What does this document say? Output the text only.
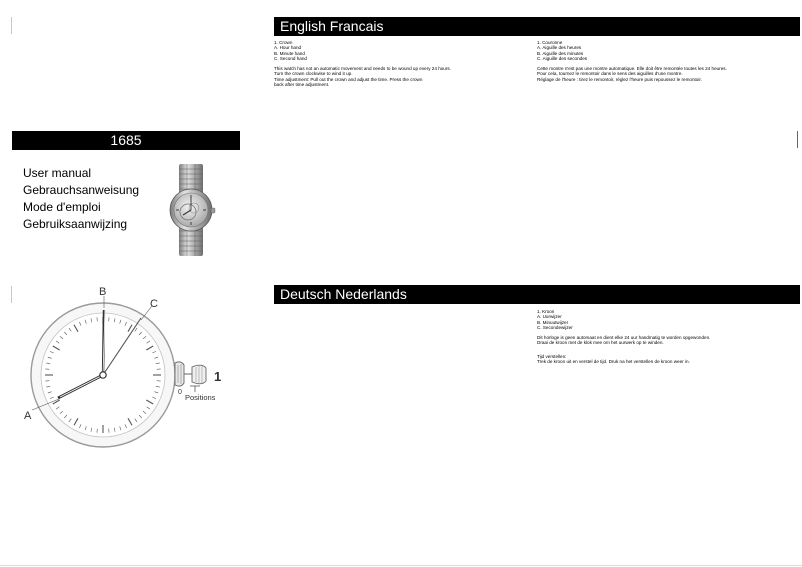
English Francais

1. Crown

A. Hour hand

B. Minute hand

C. Second hand

This watch has not an automatic movement and needs to be wound up every 24 hours.

Turn the crown clockwise to wind it up.

Time adjustment: Pull out the crown and adjust the time. Press the crown

back after time adjustment.

1. Couronne

A. Aiguille des heures

B. Aiguille des minutes

C. Aiguille des secondes

Cette montre n'est pas une montre automatique. Elle doit être remontée toutes les 24 heures.

Pour cela, tournez le remontoir dans le sens des aiguilles d'une montre.

Réglage de l'heure : tirez le remontoir, réglez l'heure puis repoussez le remontoir.

1685
User manual
Gebrauchsanweisung
Mode d'emploi
Gebruiksaanwijzing
Deutsch Nederlands

1. Kroon

A. Uurwijzer

B. Minuutwijzer

C. Secondewijzer

Dit horloge is geen automaat en dient elke 24 uur handmatig te worden opgewonden.

Draai de kroon met de klok mee om het uurwerk op te winden.

Tijd verstellen:

Trek de kroon uit en verstel de tijd. Druk na het verstellen de kroon weer in.

B
C
A
1
0
Positions
